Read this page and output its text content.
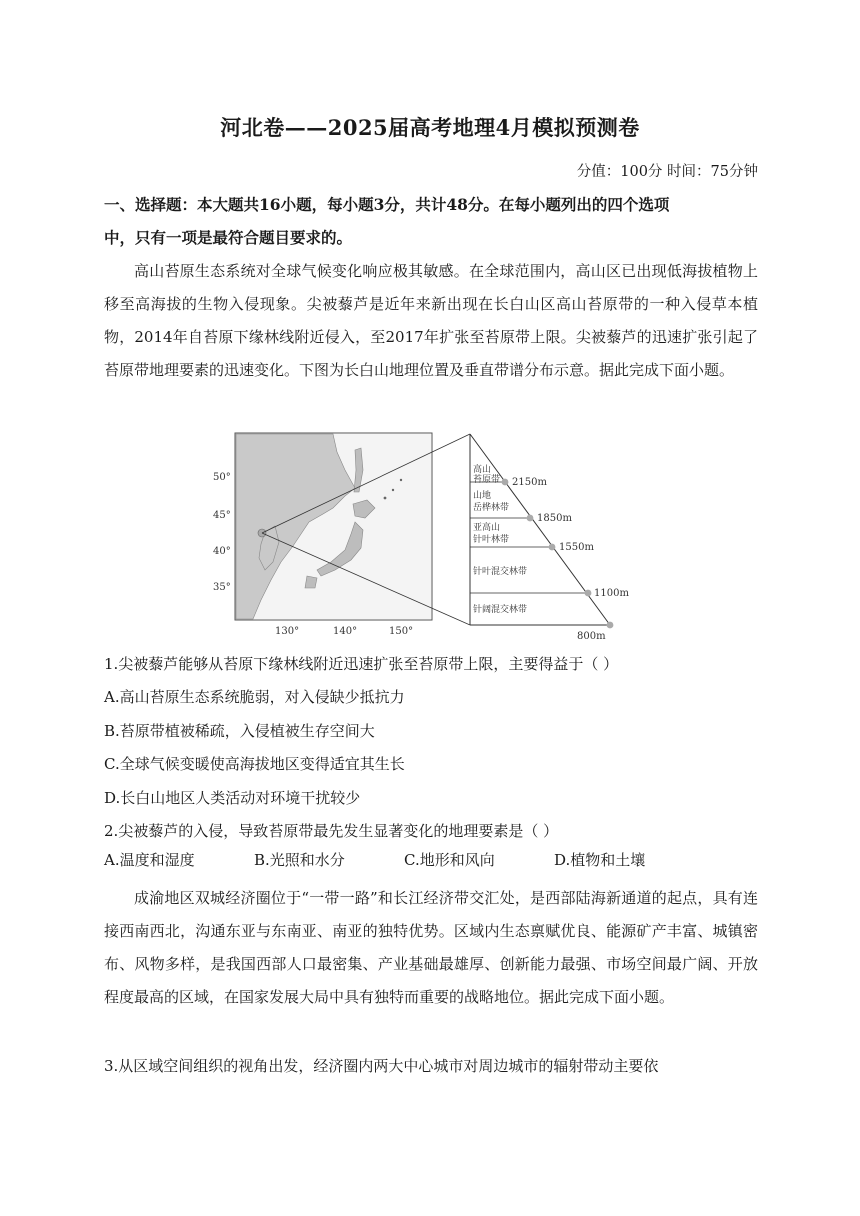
河北卷——2025届高考地理4月模拟预测卷
分值：100分 时间：75分钟
一、选择题：本大题共16小题，每小题3分，共计48分。在每小题列出的四个选项
中，只有一项是最符合题目要求的。
高山苔原生态系统对全球气候变化响应极其敏感。在全球范围内，高山区已出现低海拔植物上移至高海拔的生物入侵现象。尖被藜芦是近年来新出现在长白山区高山苔原带的一种入侵草本植物，2014年自苔原下缘林线附近侵入，至2017年扩张至苔原带上限。尖被藜芦的迅速扩张引起了苔原带地理要素的迅速变化。下图为长白山地理位置及垂直带谱分布示意。据此完成下面小题。
50°
45°
40°
35°
130°	140°	150°
高山
苔原带
山地
岳桦林带
亚高山
针叶林带
针叶混交林带
针阔混交林带
2150m
1850m
1550m
1100m
800m
1.尖被藜芦能够从苔原下缘林线附近迅速扩张至苔原带上限，主要得益于（ ）
A.高山苔原生态系统脆弱，对入侵缺少抵抗力
B.苔原带植被稀疏，入侵植被生存空间大
C.全球气候变暖使高海拔地区变得适宜其生长
D.长白山地区人类活动对环境干扰较少
2.尖被藜芦的入侵，导致苔原带最先发生显著变化的地理要素是（ ）
A.温度和湿度	B.光照和水分	C.地形和风向	D.植物和土壤
成渝地区双城经济圈位于“一带一路”和长江经济带交汇处，是西部陆海新通道的起点，具有连接西南西北，沟通东亚与东南亚、南亚的独特优势。区域内生态禀赋优良、能源矿产丰富、城镇密布、风物多样，是我国西部人口最密集、产业基础最雄厚、创新能力最强、市场空间最广阔、开放程度最高的区域，在国家发展大局中具有独特而重要的战略地位。据此完成下面小题。
3.从区域空间组织的视角出发，经济圈内两大中心城市对周边城市的辐射带动主要依
